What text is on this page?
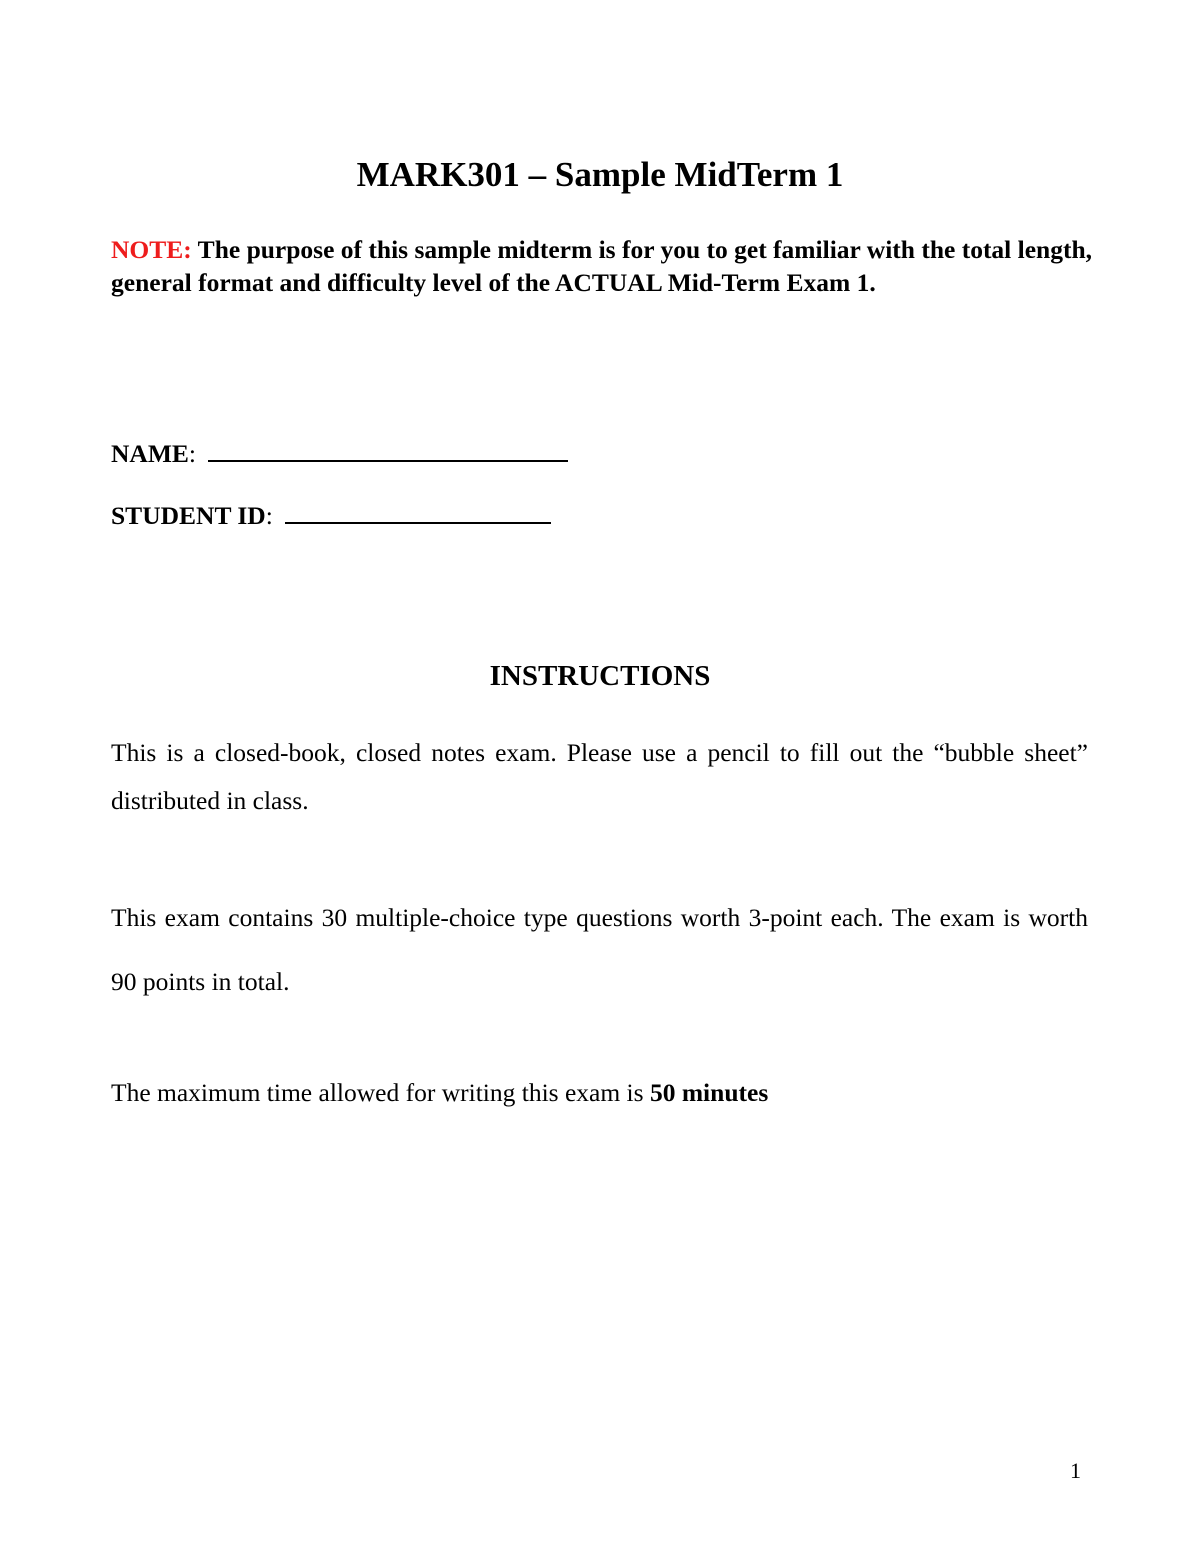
MARK301 – Sample MidTerm 1
NOTE: The purpose of this sample midterm is for you to get familiar with the total length, general format and difficulty level of the ACTUAL Mid-Term Exam 1.
NAME:
STUDENT ID:
INSTRUCTIONS
This is a closed-book, closed notes exam. Please use a pencil to fill out the “bubble sheet” distributed in class.
This exam contains 30 multiple-choice type questions worth 3-point each. The exam is worth 90 points in total.
The maximum time allowed for writing this exam is 50 minutes
1
